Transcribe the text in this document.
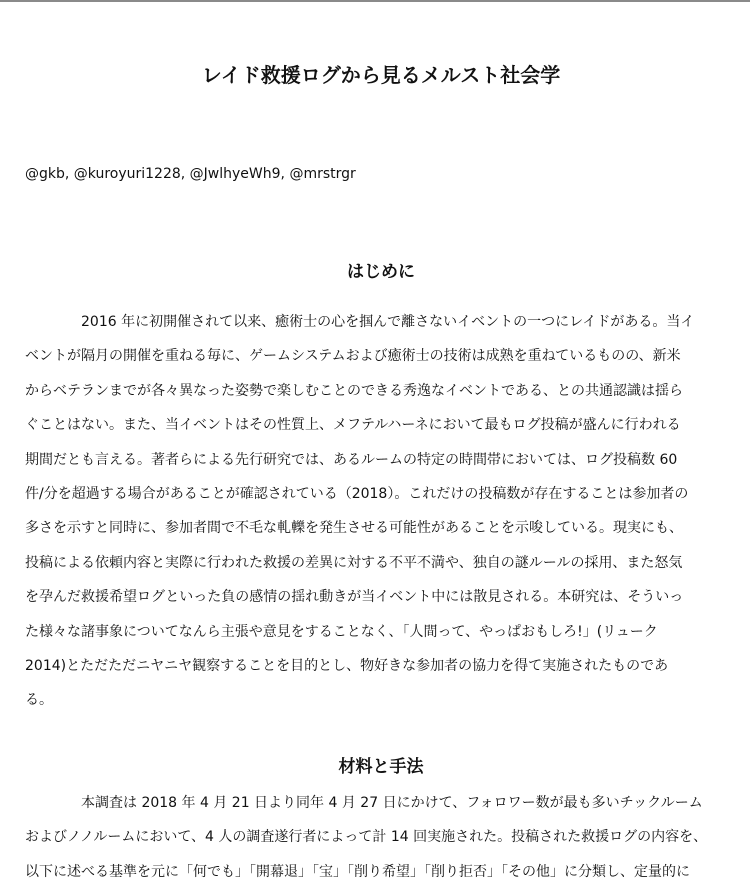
レイド救援ログから見るメルスト社会学

@gkb, @kuroyuri1228, @JwlhyeWh9, @mrstrgr

はじめに

2016 年に初開催されて以来、癒術士の心を掴んで離さないイベントの一つにレイドがある。当イ
ベントが隔月の開催を重ねる毎に、ゲームシステムおよび癒術士の技術は成熟を重ねているものの、新米
からベテランまでが各々異なった姿勢で楽しむことのできる秀逸なイベントである、との共通認識は揺ら
ぐことはない。また、当イベントはその性質上、メフテルハーネにおいて最もログ投稿が盛んに行われる
期間だとも言える。著者らによる先行研究では、あるルームの特定の時間帯においては、ログ投稿数 60
件/分を超過する場合があることが確認されている（2018）。これだけの投稿数が存在することは参加者の
多さを示すと同時に、参加者間で不毛な軋轢を発生させる可能性があることを示唆している。現実にも、
投稿による依頼内容と実際に行われた救援の差異に対する不平不満や、独自の謎ルールの採用、また怒気
を孕んだ救援希望ログといった負の感情の揺れ動きが当イベント中には散見される。本研究は、そういっ
た様々な諸事象についてなんら主張や意見をすることなく、「人間って、やっぱおもしろ!」(リューク
2014)とただただニヤニヤ観察することを目的とし、物好きな参加者の協力を得て実施されたものであ
る。

材料と手法

本調査は 2018 年 4 月 21 日より同年 4 月 27 日にかけて、フォロワー数が最も多いチックルーム
およびノノルームにおいて、4 人の調査遂行者によって計 14 回実施された。投稿された救援ログの内容を、
以下に述べる基準を元に「何でも」「開幕退」「宝」「削り希望」「削り拒否」「その他」に分類し、定量的に
